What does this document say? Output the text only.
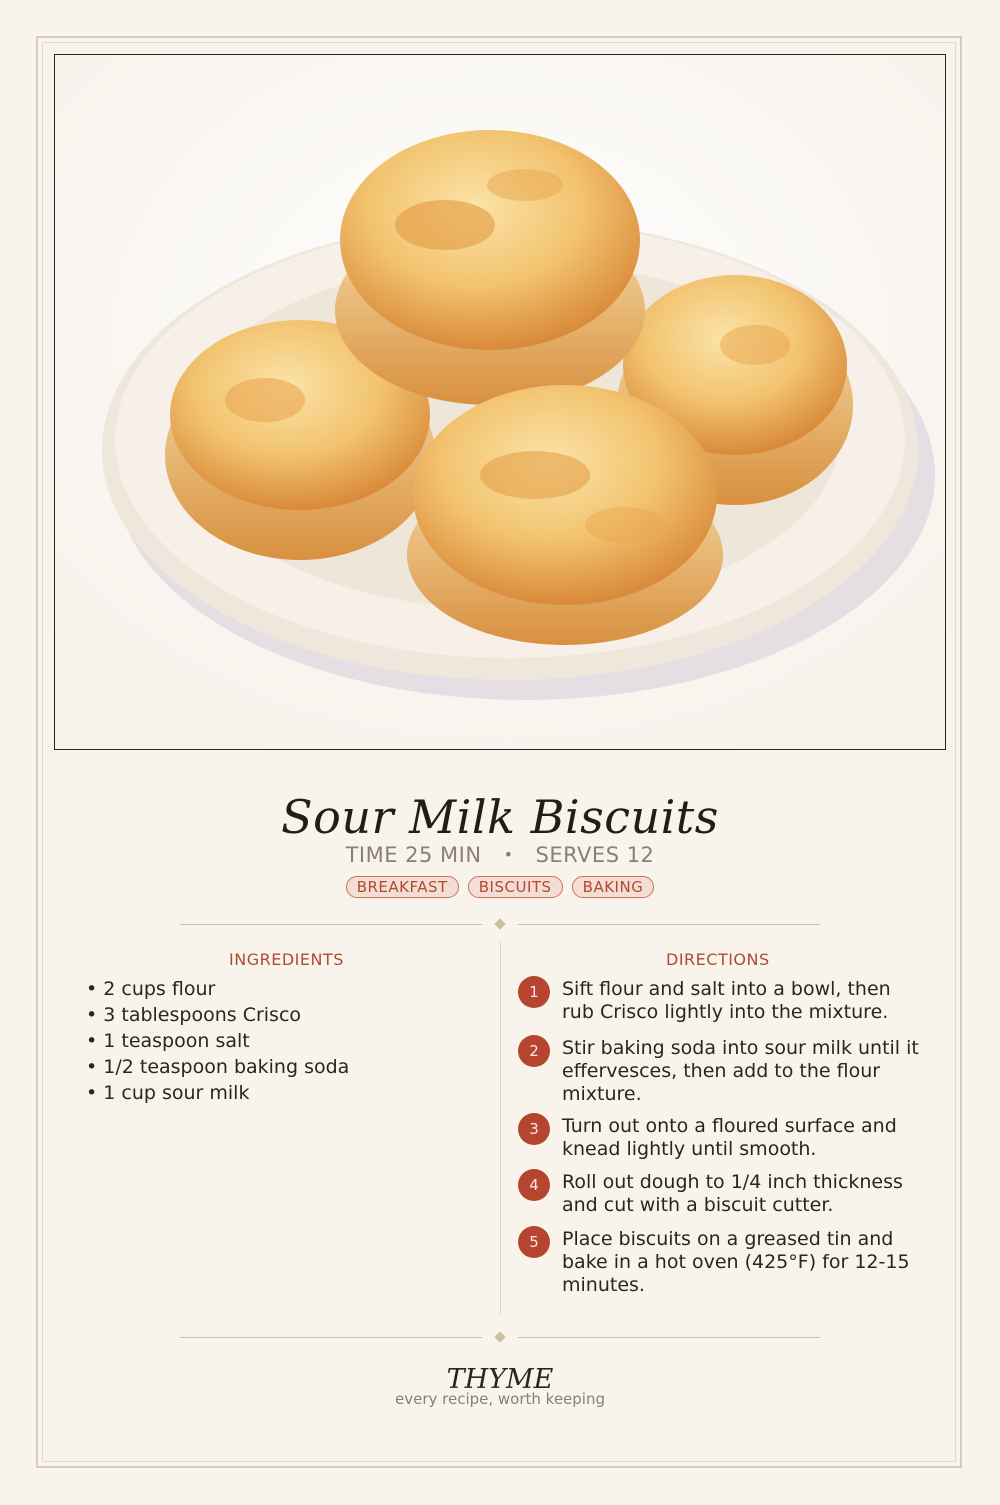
Sour Milk Biscuits
TIME 25 MIN • SERVES 12
BREAKFAST BISCUITS BAKING
INGREDIENTS
• 2 cups flour
• 3 tablespoons Crisco
• 1 teaspoon salt
• 1/2 teaspoon baking soda
• 1 cup sour milk
DIRECTIONS
1	Sift flour and salt into a bowl, then rub Crisco lightly into the mixture.
2	Stir baking soda into sour milk until it effervesces, then add to the flour mixture.
3	Turn out onto a floured surface and knead lightly until smooth.
4	Roll out dough to 1/4 inch thickness and cut with a biscuit cutter.
5	Place biscuits on a greased tin and bake in a hot oven (425°F) for 12-15 minutes.
THYME
every recipe, worth keeping
